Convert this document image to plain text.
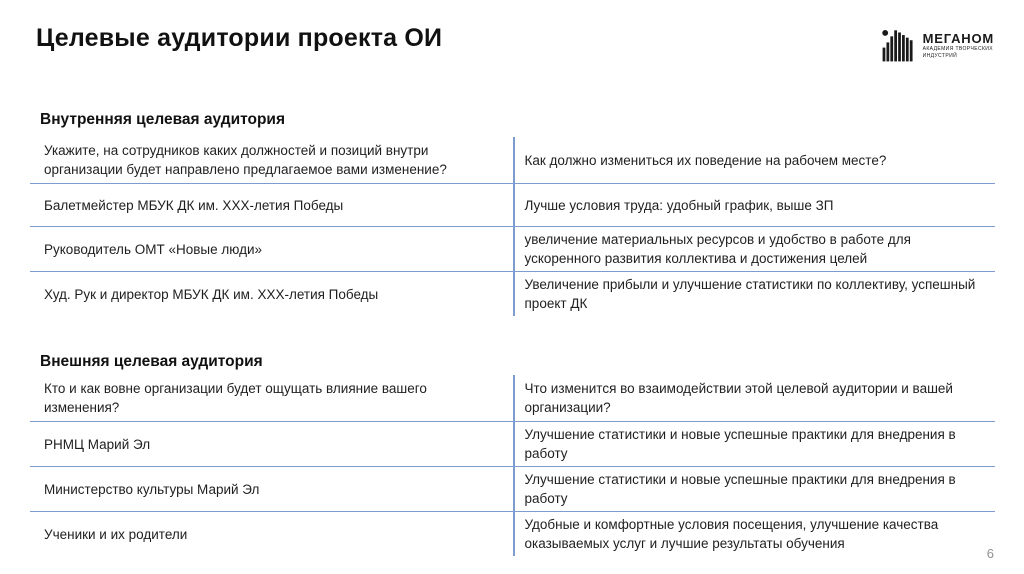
Целевые аудитории проекта ОИ	МЕГАНОМ
АКАДЕМИЯ ТВОРЧЕСКИХ
ИНДУСТРИЙ
Внутренняя целевая аудитория
Укажите, на сотрудников каких должностей и позиций внутри организации будет направлено предлагаемое вами изменение?
Как должно измениться их поведение на рабочем месте?
Балетмейстер МБУК ДК им. ХХХ-летия Победы	Лучше условия труда: удобный график, выше ЗП
Руководитель ОМТ «Новые люди»
увеличение материальных ресурсов и удобство в работе для ускоренного развития коллектива и достижения целей
Худ. Рук и директор МБУК ДК им. ХХХ-летия Победы
Увеличение прибыли и улучшение статистики по коллективу, успешный проект ДК
Внешняя целевая аудитория
Кто и как вовне организации будет ощущать влияние вашего изменения?
Что изменится во взаимодействии этой целевой аудитории и вашей организации?
РНМЦ Марий Эл
Улучшение статистики и новые успешные практики для внедрения в работу
Министерство культуры Марий Эл
Улучшение статистики и новые успешные практики для внедрения в работу
Ученики и их родители
Удобные и комфортные условия посещения, улучшение качества оказываемых услуг и лучшие результаты обучения
6
